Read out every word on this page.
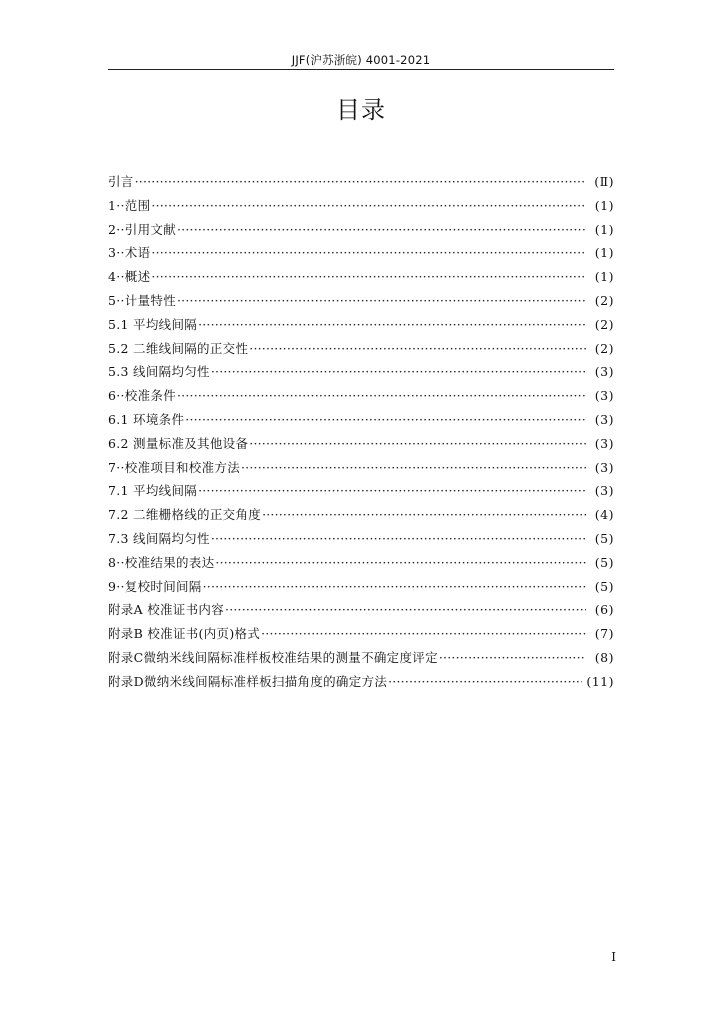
JJF(沪苏浙皖) 4001-2021
目录
引言 ·····	(Ⅱ)
1··范围 ·····	(1)
2··引用文献 ·····	(1)
3··术语 ·····	(1)
4··概述 ·····	(1)
5··计量特性 ·····	(2)
5.1 平均线间隔 ·····	(2)
5.2 二维线间隔的正交性 ·····	(2)
5.3 线间隔均匀性 ·····	(3)
6··校准条件 ·····	(3)
6.1 环境条件 ·····	(3)
6.2 测量标准及其他设备 ·····	(3)
7··校准项目和校准方法 ·····	(3)
7.1 平均线间隔 ·····	(3)
7.2 二维栅格线的正交角度 ·····	(4)
7.3 线间隔均匀性 ·····	(5)
8··校准结果的表达 ·····	(5)
9··复校时间间隔 ·····	(5)
附录A 校准证书内容 ·····	(6)
附录B 校准证书(内页)格式 ·····	(7)
附录C微纳米线间隔标准样板校准结果的测量不确定度评定 ·····	(8)
附录D微纳米线间隔标准样板扫描角度的确定方法 ·····	(11)
I
